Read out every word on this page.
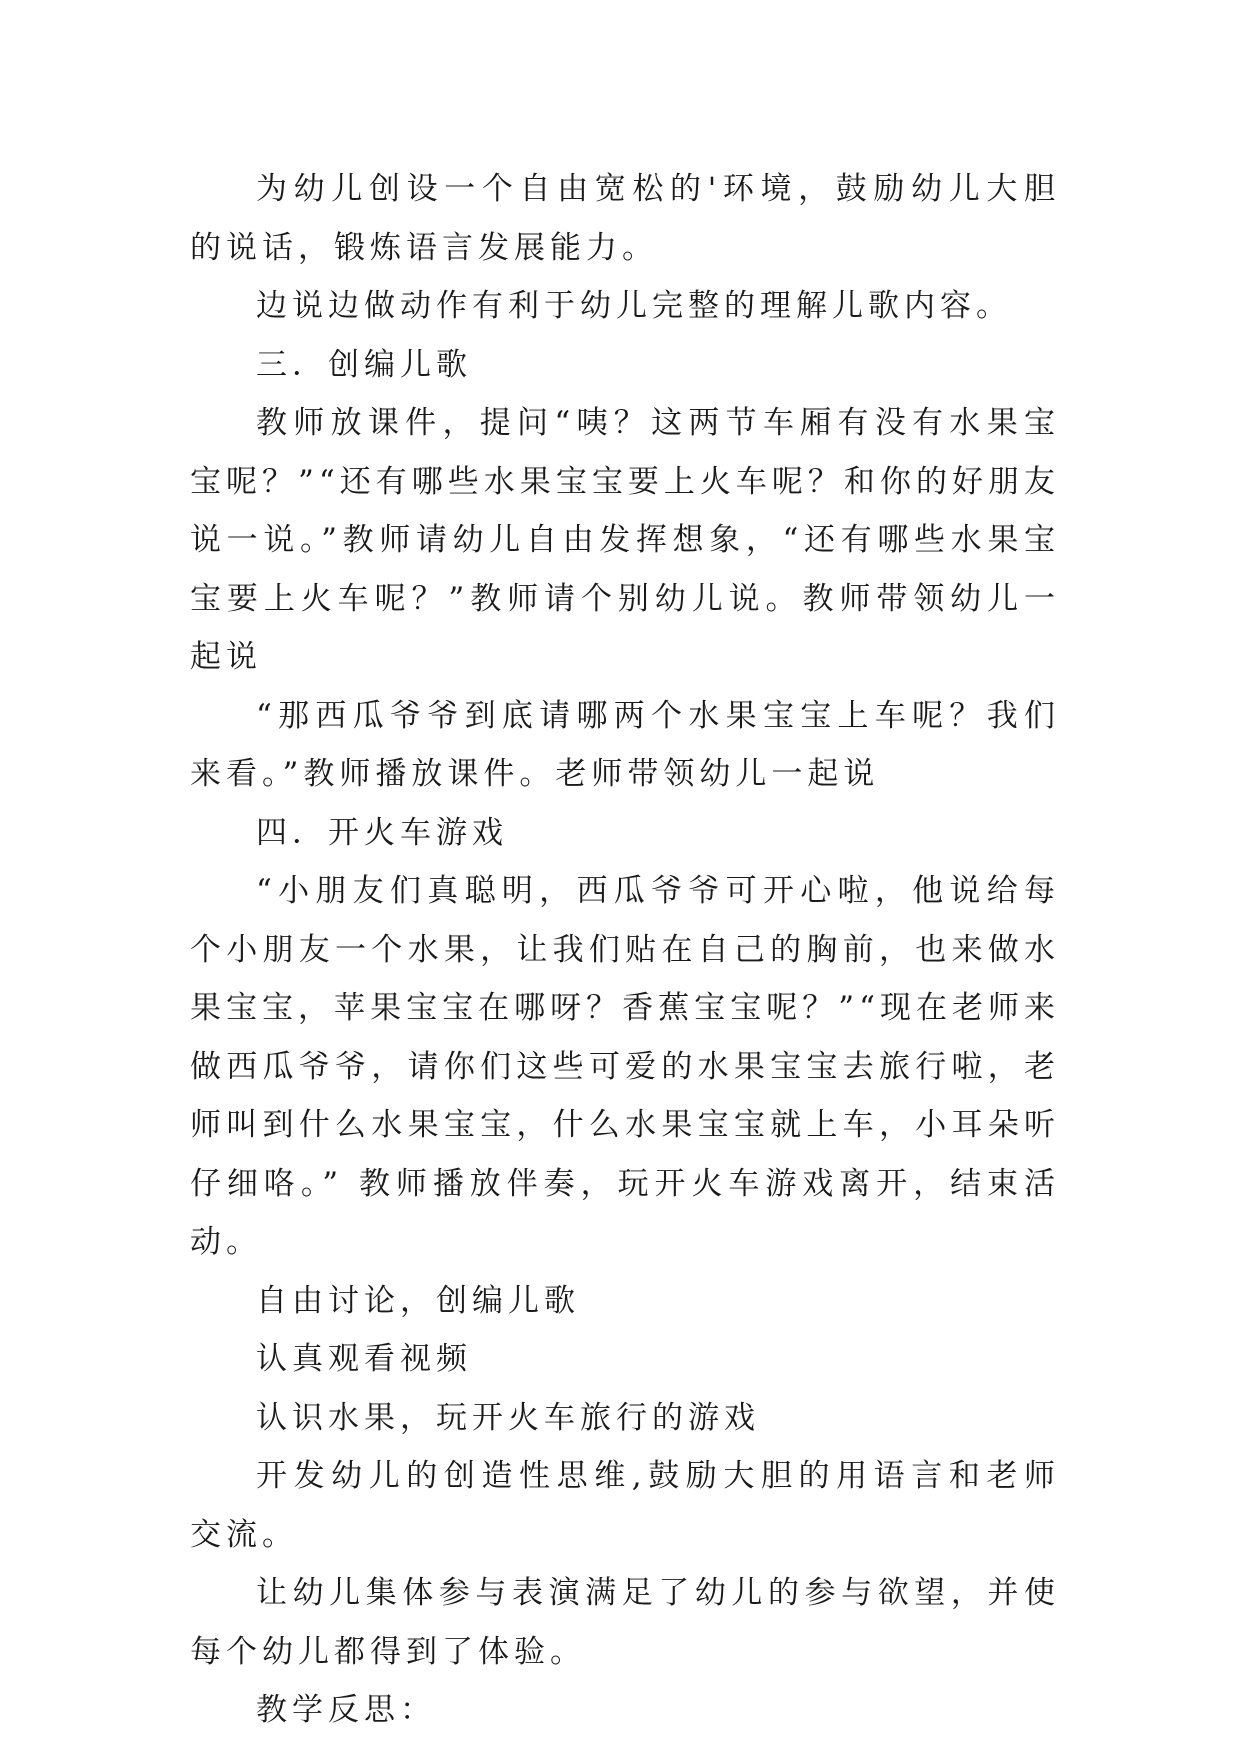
为幼儿创设一个自由宽松的'环境，鼓励幼儿大胆的说话，锻炼语言发展能力。

边说边做动作有利于幼儿完整的理解儿歌内容。

三．创编儿歌

教师放课件，提问“咦？这两节车厢有没有水果宝宝呢？”“还有哪些水果宝宝要上火车呢？和你的好朋友说一说。”教师请幼儿自由发挥想象，“还有哪些水果宝宝要上火车呢？”教师请个别幼儿说。教师带领幼儿一起说

“那西瓜爷爷到底请哪两个水果宝宝上车呢？我们来看。”教师播放课件。老师带领幼儿一起说

四．开火车游戏

“小朋友们真聪明，西瓜爷爷可开心啦，他说给每个小朋友一个水果，让我们贴在自己的胸前，也来做水果宝宝，苹果宝宝在哪呀？香蕉宝宝呢？”“现在老师来做西瓜爷爷，请你们这些可爱的水果宝宝去旅行啦，老师叫到什么水果宝宝，什么水果宝宝就上车，小耳朵听仔细咯。” 教师播放伴奏，玩开火车游戏离开，结束活动。

自由讨论，创编儿歌

认真观看视频

认识水果，玩开火车旅行的游戏

开发幼儿的创造性思维,鼓励大胆的用语言和老师交流。

让幼儿集体参与表演满足了幼儿的参与欲望，并使每个幼儿都得到了体验。

教学反思：
